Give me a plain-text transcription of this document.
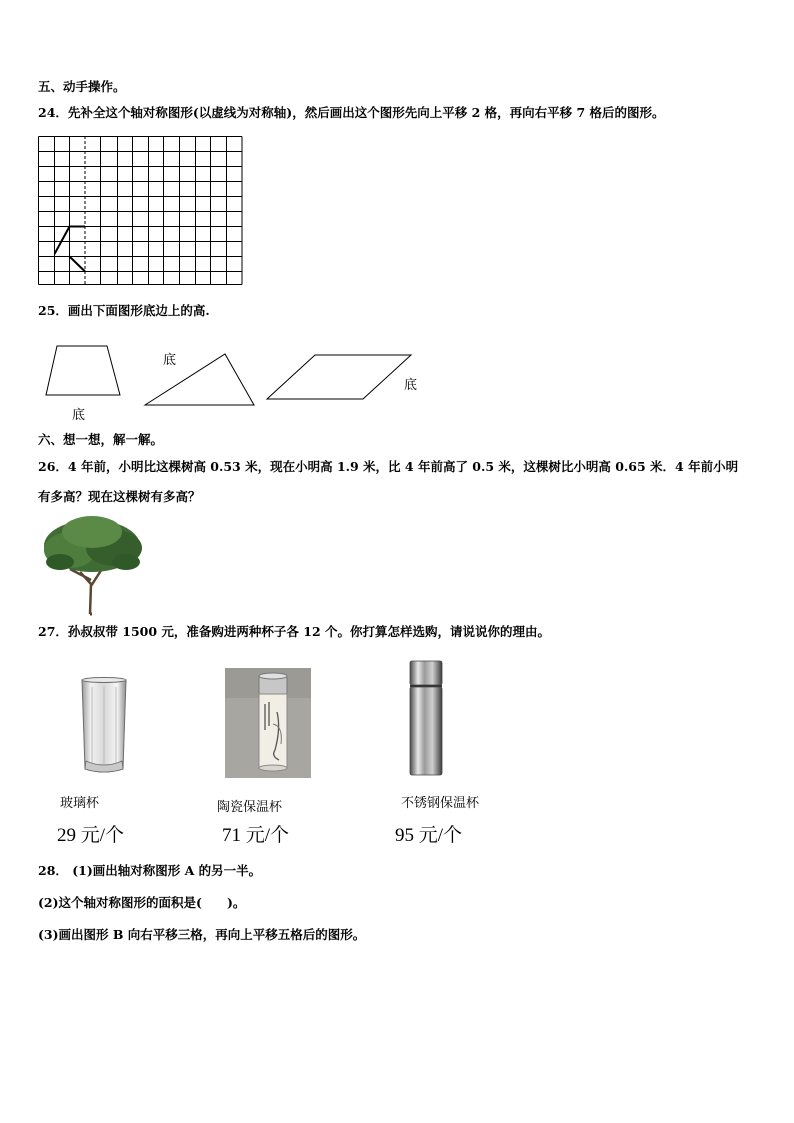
五、动手操作。
24．先补全这个轴对称图形(以虚线为对称轴)，然后画出这个图形先向上平移 2 格，再向右平移 7 格后的图形。
25．画出下面图形底边上的高.
底
底
底
六、想一想，解一解。
26．4 年前，小明比这棵树高 0.53 米，现在小明高 1.9 米，比 4 年前高了 0.5 米，这棵树比小明高 0.65 米．4 年前小明
有多高？现在这棵树有多高？
27．孙叔叔带 1500 元，准备购进两种杯子各 12 个。你打算怎样选购，请说说你的理由。
玻璃杯
29 元/个
陶瓷保温杯
71 元/个
不锈钢保温杯
95 元/个
28． (1)画出轴对称图形 A 的另一半。
(2)这个轴对称图形的面积是(　　)。
(3)画出图形 B 向右平移三格，再向上平移五格后的图形。
